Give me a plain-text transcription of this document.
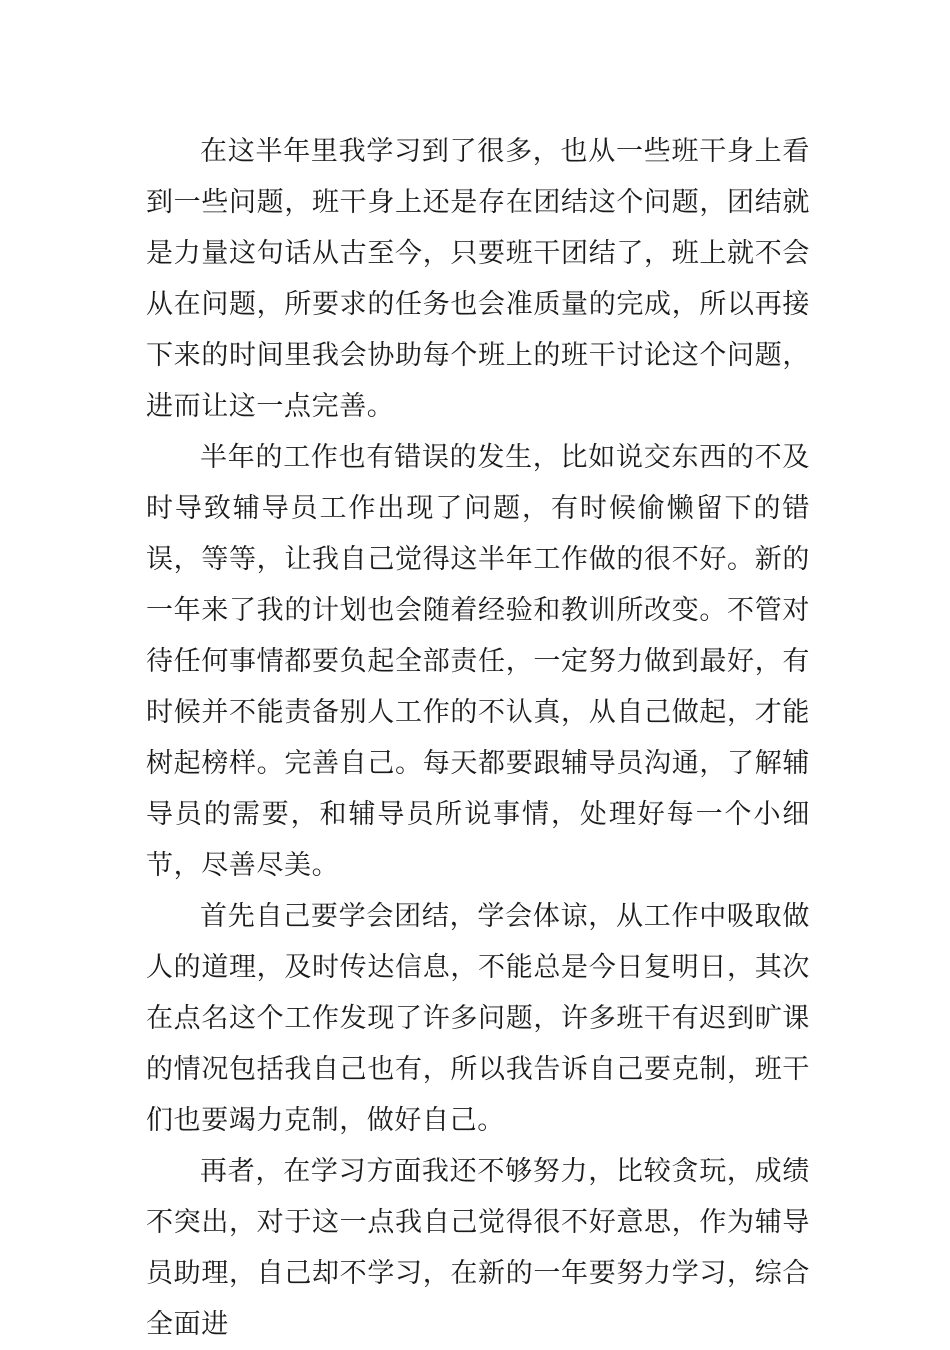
在这半年里我学习到了很多，也从一些班干身上看到一些问题，班干身上还是存在团结这个问题，团结就是力量这句话从古至今，只要班干团结了，班上就不会从在问题，所要求的任务也会准质量的完成，所以再接下来的时间里我会协助每个班上的班干讨论这个问题，进而让这一点完善。

半年的工作也有错误的发生，比如说交东西的不及时导致辅导员工作出现了问题，有时候偷懒留下的错误，等等，让我自己觉得这半年工作做的很不好。新的一年来了我的计划也会随着经验和教训所改变。不管对待任何事情都要负起全部责任，一定努力做到最好，有时候并不能责备别人工作的不认真，从自己做起，才能树起榜样。完善自己。每天都要跟辅导员沟通，了解辅导员的需要，和辅导员所说事情，处理好每一个小细节，尽善尽美。

首先自己要学会团结，学会体谅，从工作中吸取做人的道理，及时传达信息，不能总是今日复明日，其次在点名这个工作发现了许多问题，许多班干有迟到旷课的情况包括我自己也有，所以我告诉自己要克制，班干们也要竭力克制，做好自己。

再者，在学习方面我还不够努力，比较贪玩，成绩不突出，对于这一点我自己觉得很不好意思，作为辅导员助理，自己却不学习，在新的一年要努力学习，综合全面进
